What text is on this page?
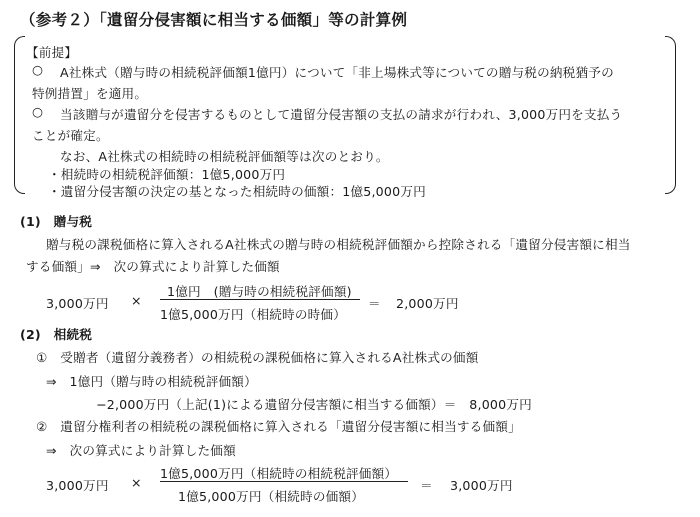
（参考２）「遺留分侵害額に相当する価額」等の計算例
【前提】
○ A社株式（贈与時の相続税評価額1億円）について「非上場株式等についての贈与税の納税猶予の
特例措置」を適用。
○ 当該贈与が遺留分を侵害するものとして遺留分侵害額の支払の請求が行われ、3,000万円を支払う
ことが確定。
なお、A社株式の相続時の相続税評価額等は次のとおり。
・相続時の相続税評価額：1億5,000万円
・遺留分侵害額の決定の基となった相続時の価額：1億5,000万円
(1)　贈与税
贈与税の課税価格に算入されるA社株式の贈与時の相続税評価額から控除される「遺留分侵害額に相当
する価額」⇒　次の算式により計算した価額
3,000万円 ×
1億円　(贈与時の相続税評価額)
1億5,000万円（相続時の時価）
＝ 2,000万円
(2)　相続税
①　受贈者（遺留分義務者）の相続税の課税価格に算入されるA社株式の価額
⇒　1億円（贈与時の相続税評価額）
−2,000万円（上記(1)による遺留分侵害額に相当する価額）＝　8,000万円
②　遺留分権利者の相続税の課税価格に算入される「遺留分侵害額に相当する価額」
⇒　次の算式により計算した価額
3,000万円 ×
1億5,000万円（相続時の相続税評価額）
1億5,000万円（相続時の価額）
＝ 3,000万円
